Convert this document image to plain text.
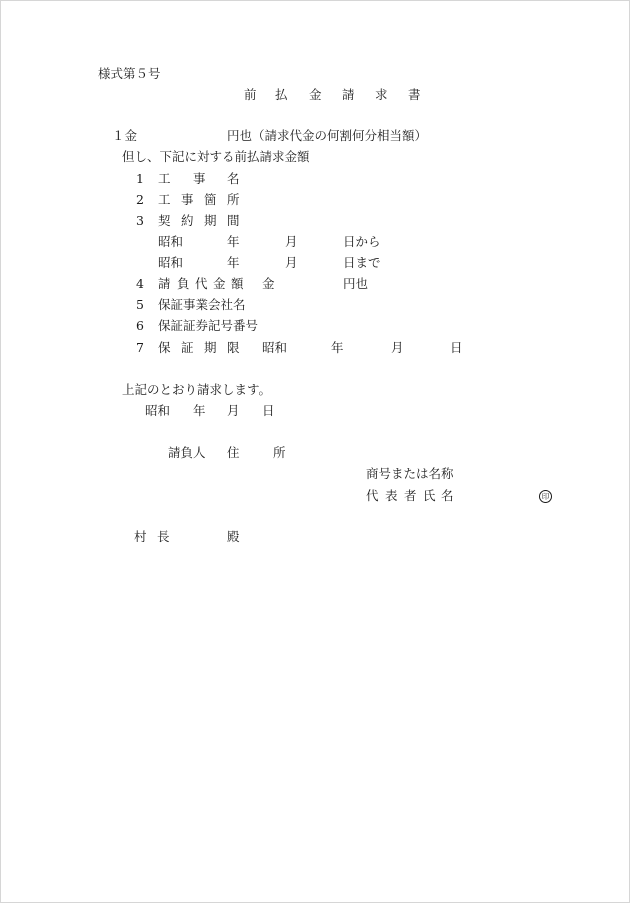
様式第５号
前 払 金 請 求 書
１金	円也（請求代金の何割何分相当額）
但し、下記に対する前払請求金額
1 工 事 名
2 工 事 箇 所
3 契 約 期 間
昭和	年	月	日から
昭和	年	月	日まで
4 請 負 代 金 額 金	円也
5 保証事業会社名
6 保証証券記号番号
7 保 証 期 限 昭和	年	月	日
上記のとおり請求します。
昭和 年 月 日
請負人 住	所
商号または名称
代 表 者 氏 名	印
村 長	殿
